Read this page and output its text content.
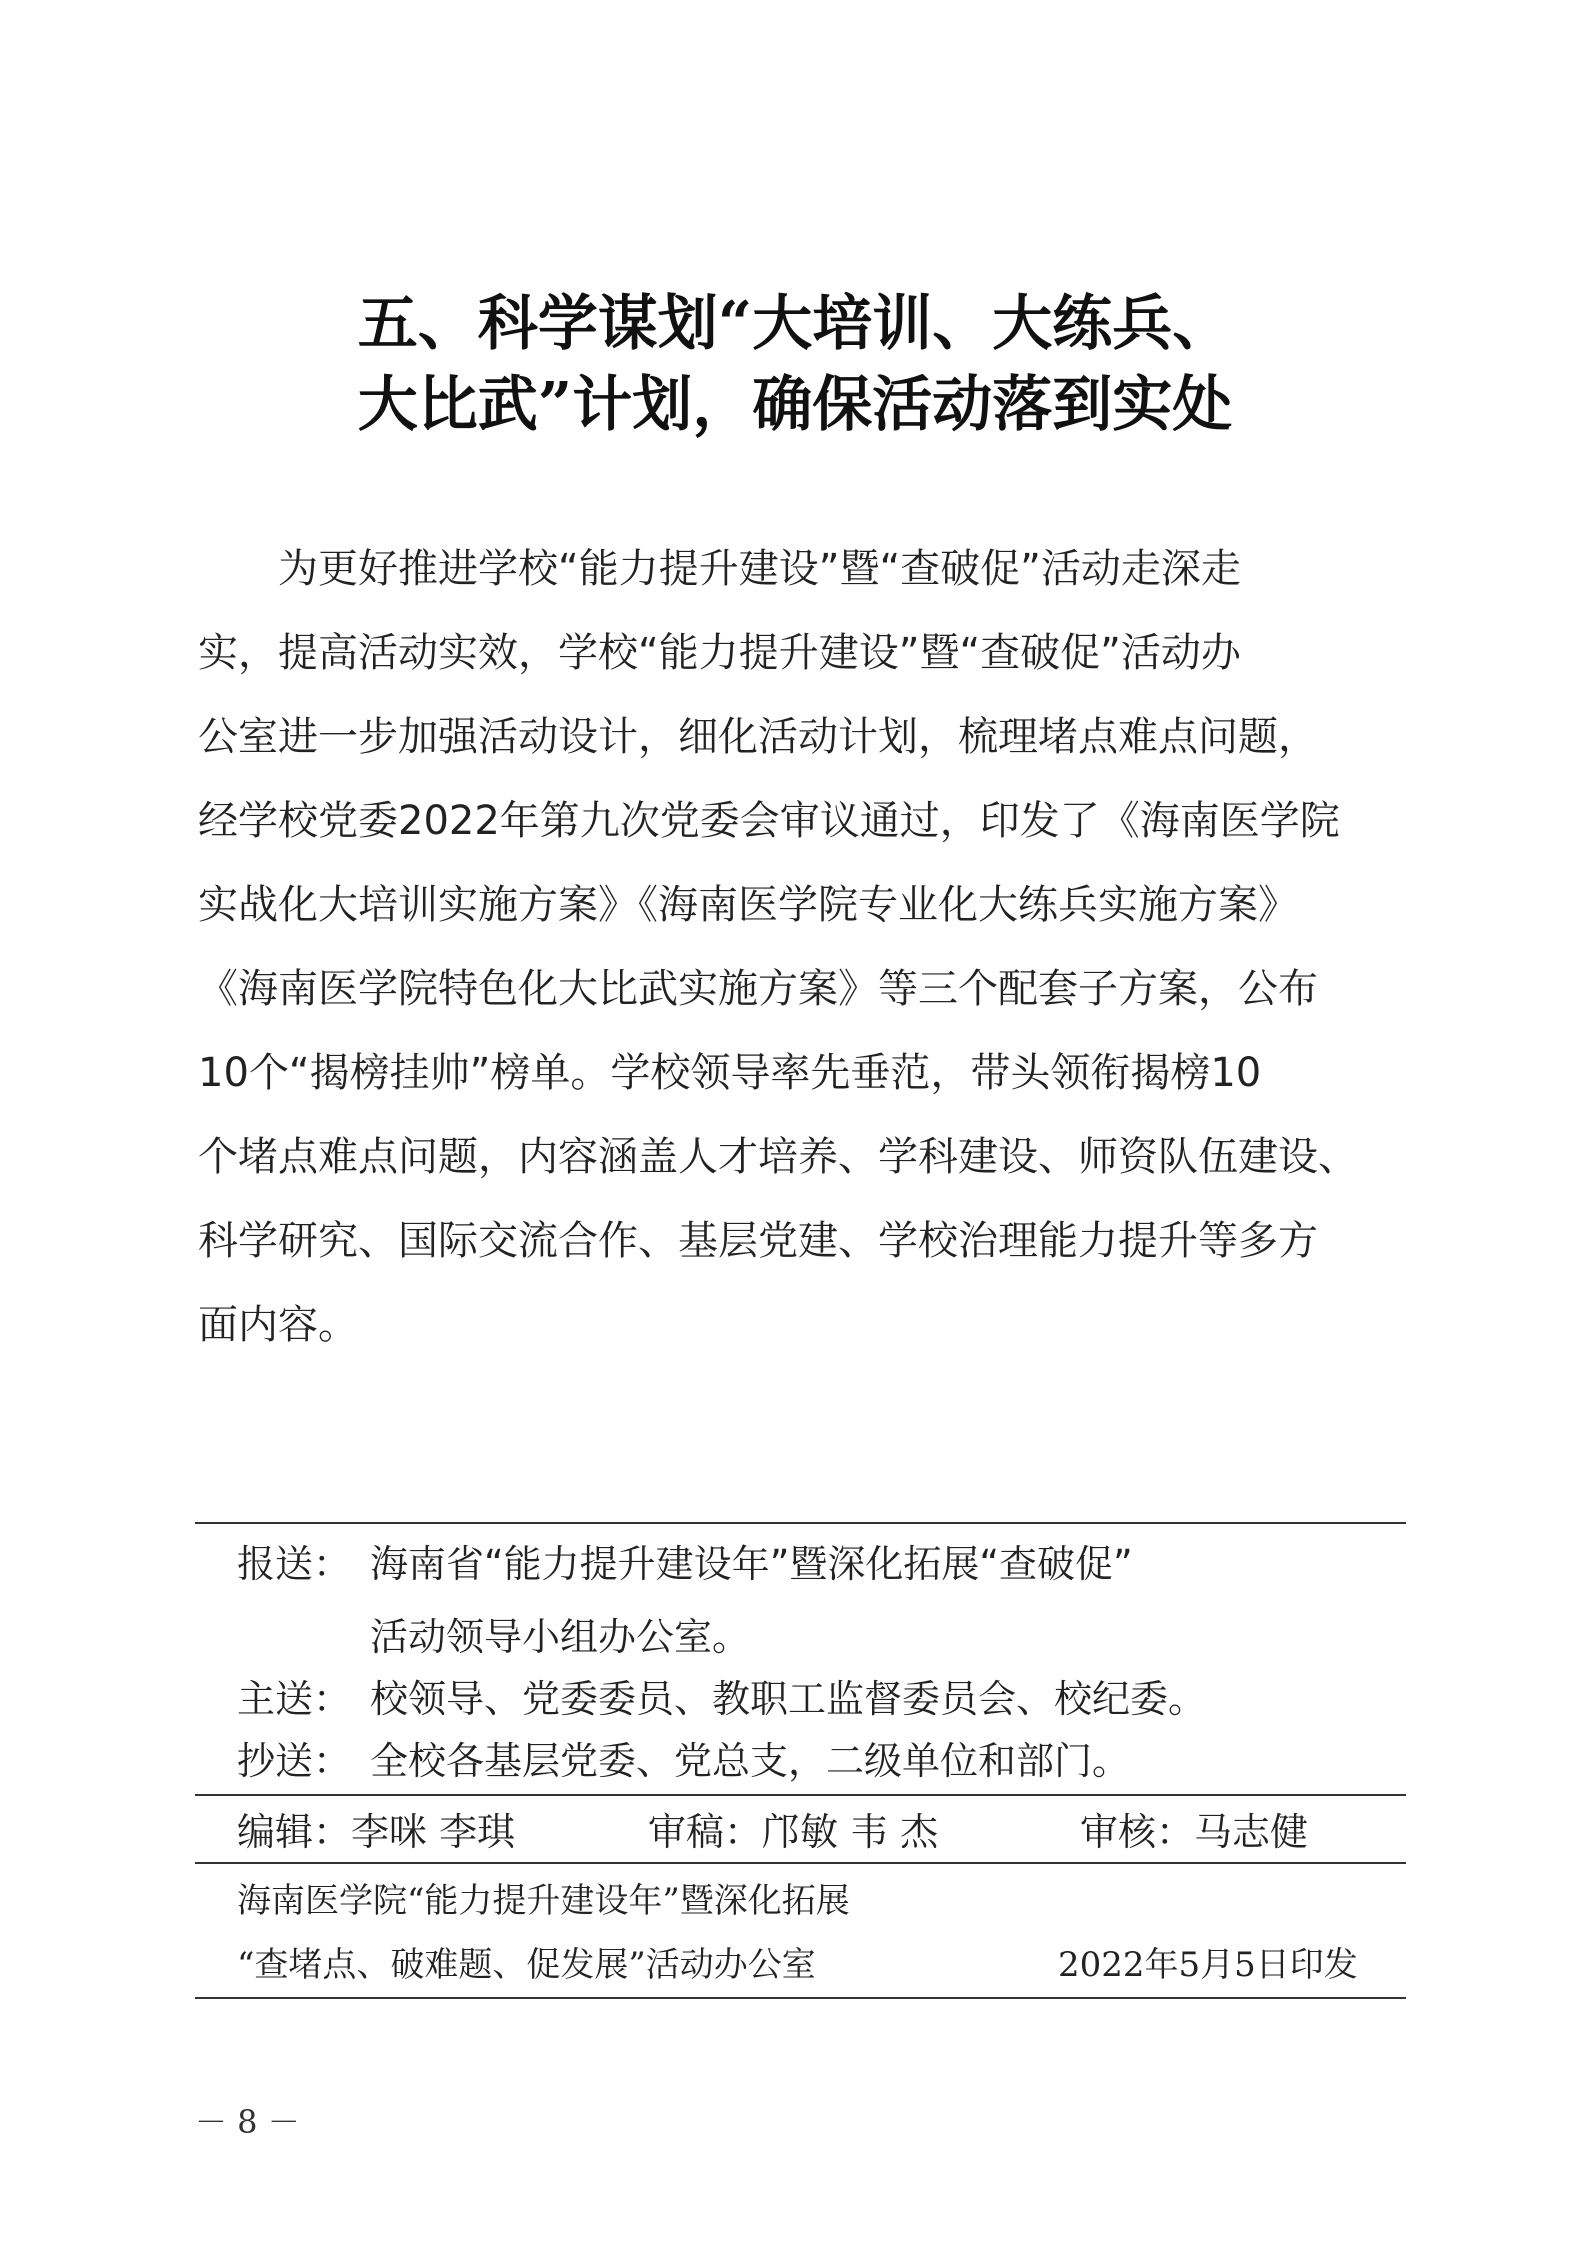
五、科学谋划“大培训、大练兵、
大比武”计划，确保活动落到实处
为更好推进学校“能力提升建设”暨“查破促”活动走深走
实，提高活动实效，学校“能力提升建设”暨“查破促”活动办
公室进一步加强活动设计，细化活动计划，梳理堵点难点问题，
经学校党委2022年第九次党委会审议通过，印发了《海南医学院
实战化大培训实施方案》《海南医学院专业化大练兵实施方案》
《海南医学院特色化大比武实施方案》等三个配套子方案，公布
10个“揭榜挂帅”榜单。学校领导率先垂范，带头领衔揭榜10
个堵点难点问题，内容涵盖人才培养、学科建设、师资队伍建设、
科学研究、国际交流合作、基层党建、学校治理能力提升等多方
面内容。
报送： 海南省“能力提升建设年”暨深化拓展“查破促”
活动领导小组办公室。
主送： 校领导、党委委员、教职工监督委员会、校纪委。
抄送： 全校各基层党委、党总支，二级单位和部门。
编辑：李咪 李琪	审稿：邝敏 韦 杰	审核：马志健
海南医学院“能力提升建设年”暨深化拓展
“查堵点、破难题、促发展”活动办公室	2022年5月5日印发
－ 8 －
